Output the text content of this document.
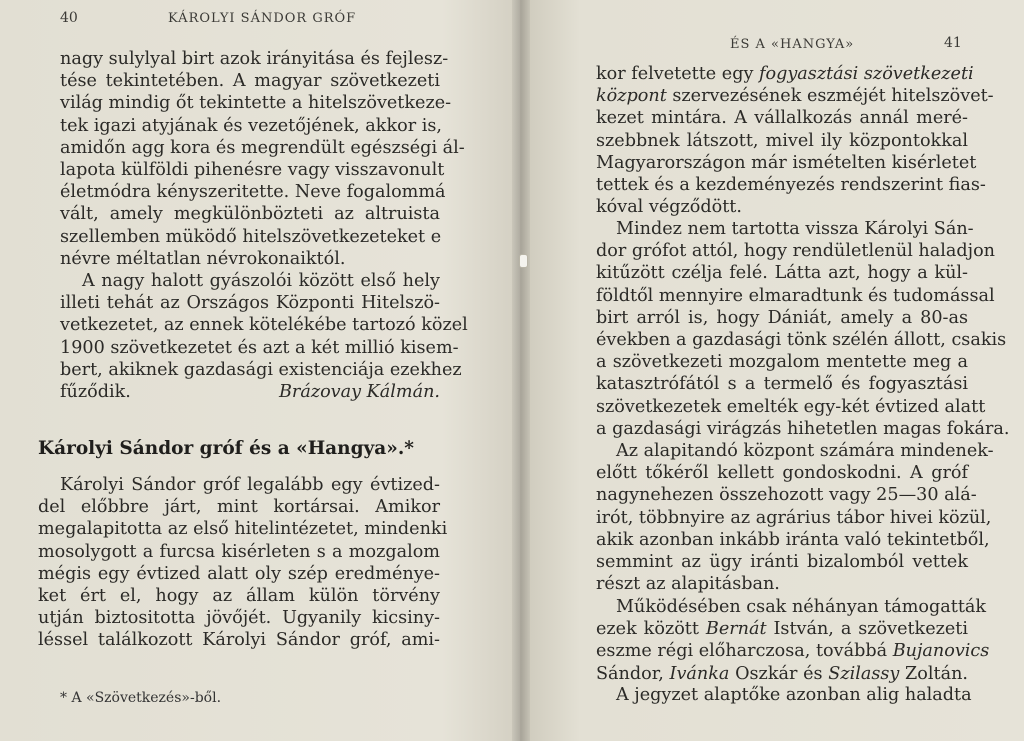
40	KÁROLYI SÁNDOR GRÓF
nagy sulylyal birt azok irányitása és fejlesz-
tése tekintetében. A magyar szövetkezeti
világ mindig őt tekintette a hitelszövetkeze-
tek igazi atyjának és vezetőjének, akkor is,
amidőn agg kora és megrendült egészségi ál-
lapota külföldi pihenésre vagy visszavonult
életmódra kényszeritette. Neve fogalommá
vált, amely megkülönbözteti az altruista
szellemben müködő hitelszövetkezeteket e
névre méltatlan névrokonaiktól.
A nagy halott gyászolói között első hely
illeti tehát az Országos Központi Hitelszö-
vetkezetet, az ennek kötelékébe tartozó közel
1900 szövetkezetet és azt a két millió kisem-
bert, akiknek gazdasági existenciája ezekhez
fűződik.	Brázovay Kálmán.
Károlyi Sándor gróf és a «Hangya».*
Károlyi Sándor gróf legalább egy évtized-
del előbbre járt, mint kortársai. Amikor
megalapitotta az első hitelintézetet, mindenki
mosolygott a furcsa kisérleten s a mozgalom
mégis egy évtized alatt oly szép eredménye-
ket ért el, hogy az állam külön törvény
utján biztositotta jövőjét. Ugyanily kicsiny-
léssel találkozott Károlyi Sándor gróf, ami-
* A «Szövetkezés»-ből.
ÉS A «HANGYA»	41
kor felvetette egy fogyasztási szövetkezeti
központ szervezésének eszméjét hitelszövet-
kezet mintára. A vállalkozás annál meré-
szebbnek látszott, mivel ily központokkal
Magyarországon már ismételten kisérletet
tettek és a kezdeményezés rendszerint fias-
kóval végződött.
Mindez nem tartotta vissza Károlyi Sán-
dor grófot attól, hogy rendületlenül haladjon
kitűzött czélja felé. Látta azt, hogy a kül-
földtől mennyire elmaradtunk és tudomással
birt arról is, hogy Dániát, amely a 80-as
években a gazdasági tönk szélén állott, csakis
a szövetkezeti mozgalom mentette meg a
katasztrófától s a termelő és fogyasztási
szövetkezetek emelték egy-két évtized alatt
a gazdasági virágzás hihetetlen magas fokára.
Az alapitandó központ számára mindenek-
előtt tőkéről kellett gondoskodni. A gróf
nagynehezen összehozott vagy 25—30 alá-
irót, többnyire az agrárius tábor hivei közül,
akik azonban inkább iránta való tekintetből,
semmint az ügy iránti bizalomból vettek
részt az alapitásban.
Működésében csak néhányan támogatták
ezek között Bernát István, a szövetkezeti
eszme régi előharczosa, továbbá Bujanovics
Sándor, Ivánka Oszkár és Szilassy Zoltán.
A jegyzet alaptőke azonban alig haladta
